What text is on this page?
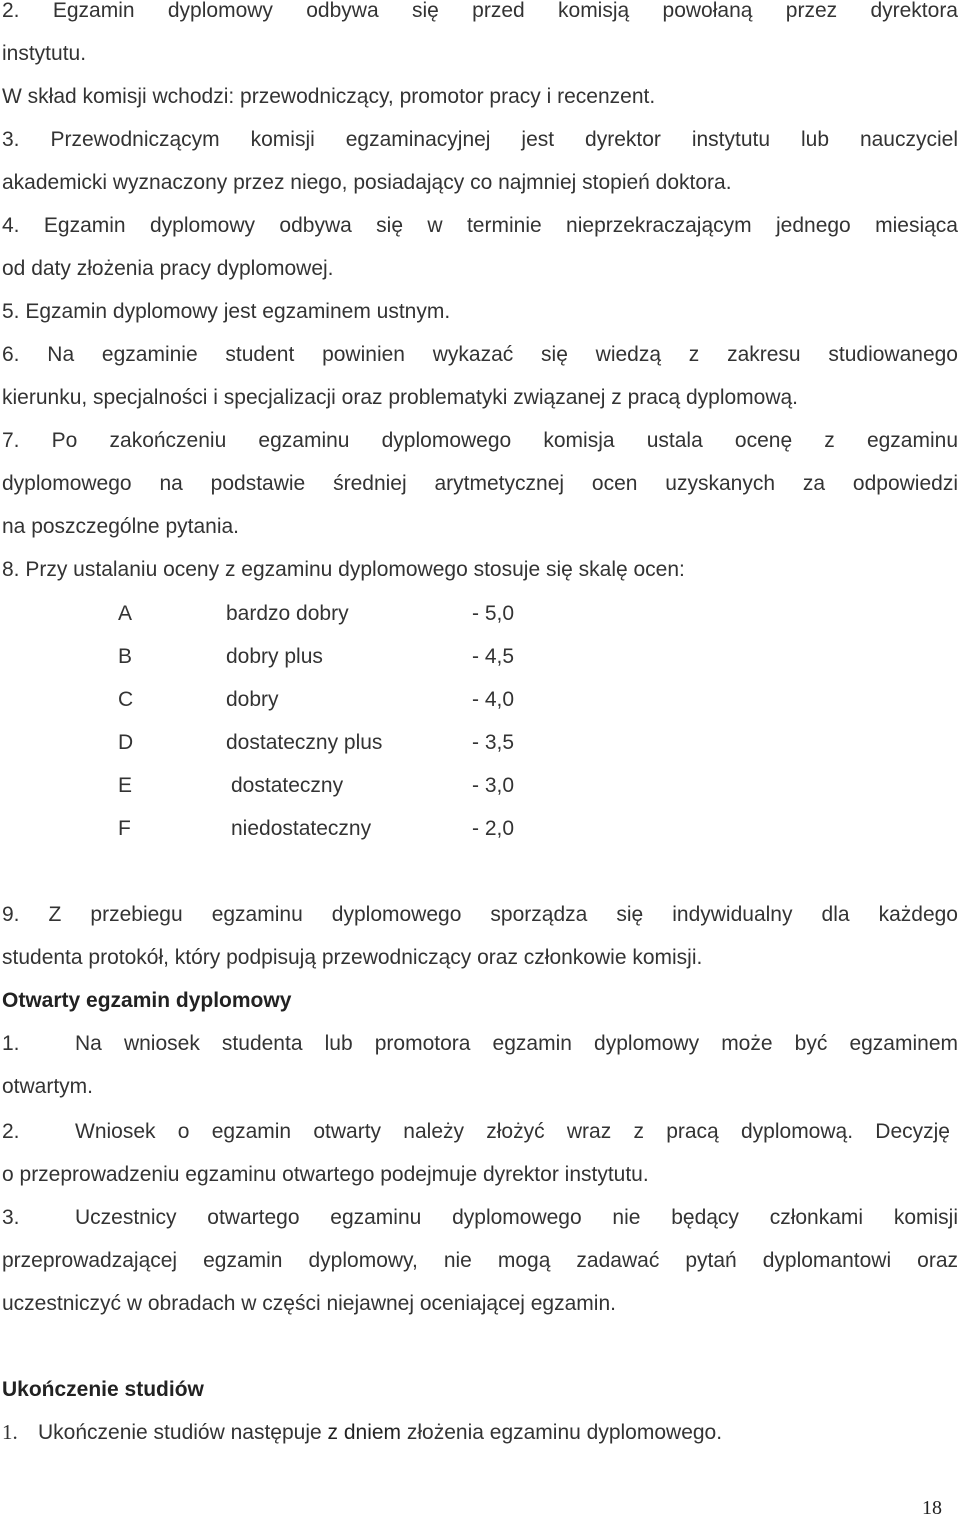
2. Egzamin dyplomowy odbywa się przed komisją powołaną przez dyrektora
instytutu.
W skład komisji wchodzi: przewodniczący, promotor pracy i recenzent.
3. Przewodniczącym komisji egzaminacyjnej jest dyrektor instytutu lub nauczyciel
akademicki wyznaczony przez niego, posiadający co najmniej stopień doktora.
4. Egzamin dyplomowy odbywa się w terminie nieprzekraczającym jednego miesiąca
od daty złożenia pracy dyplomowej.
5. Egzamin dyplomowy jest egzaminem ustnym.
6. Na egzaminie student powinien wykazać się wiedzą z zakresu studiowanego
kierunku, specjalności i specjalizacji oraz problematyki związanej z pracą dyplomową.
7. Po zakończeniu egzaminu dyplomowego komisja ustala ocenę z egzaminu
dyplomowego na podstawie średniej arytmetycznej ocen uzyskanych za odpowiedzi
na poszczególne pytania.
8. Przy ustalaniu oceny z egzaminu dyplomowego stosuje się skalę ocen:
A	bardzo dobry	- 5,0
B	dobry plus	- 4,5
C	dobry	- 4,0
D	dostateczny plus	- 3,5
E	dostateczny	- 3,0
F	niedostateczny	- 2,0
9. Z przebiegu egzaminu dyplomowego sporządza się indywidualny dla każdego
studenta protokół, który podpisują przewodniczący oraz członkowie komisji.
Otwarty egzamin dyplomowy
1.	Na wniosek studenta lub promotora egzamin dyplomowy może być egzaminem
otwartym.
2.	Wniosek o egzamin otwarty należy złożyć wraz z pracą dyplomową. Decyzję
o przeprowadzeniu egzaminu otwartego podejmuje dyrektor instytutu.
3.	Uczestnicy otwartego egzaminu dyplomowego nie będący członkami komisji
przeprowadzającej egzamin dyplomowy, nie mogą zadawać pytań dyplomantowi oraz
uczestniczyć w obradach w części niejawnej oceniającej egzamin.
Ukończenie studiów
1. Ukończenie studiów następuje z dniem złożenia egzaminu dyplomowego.
18
